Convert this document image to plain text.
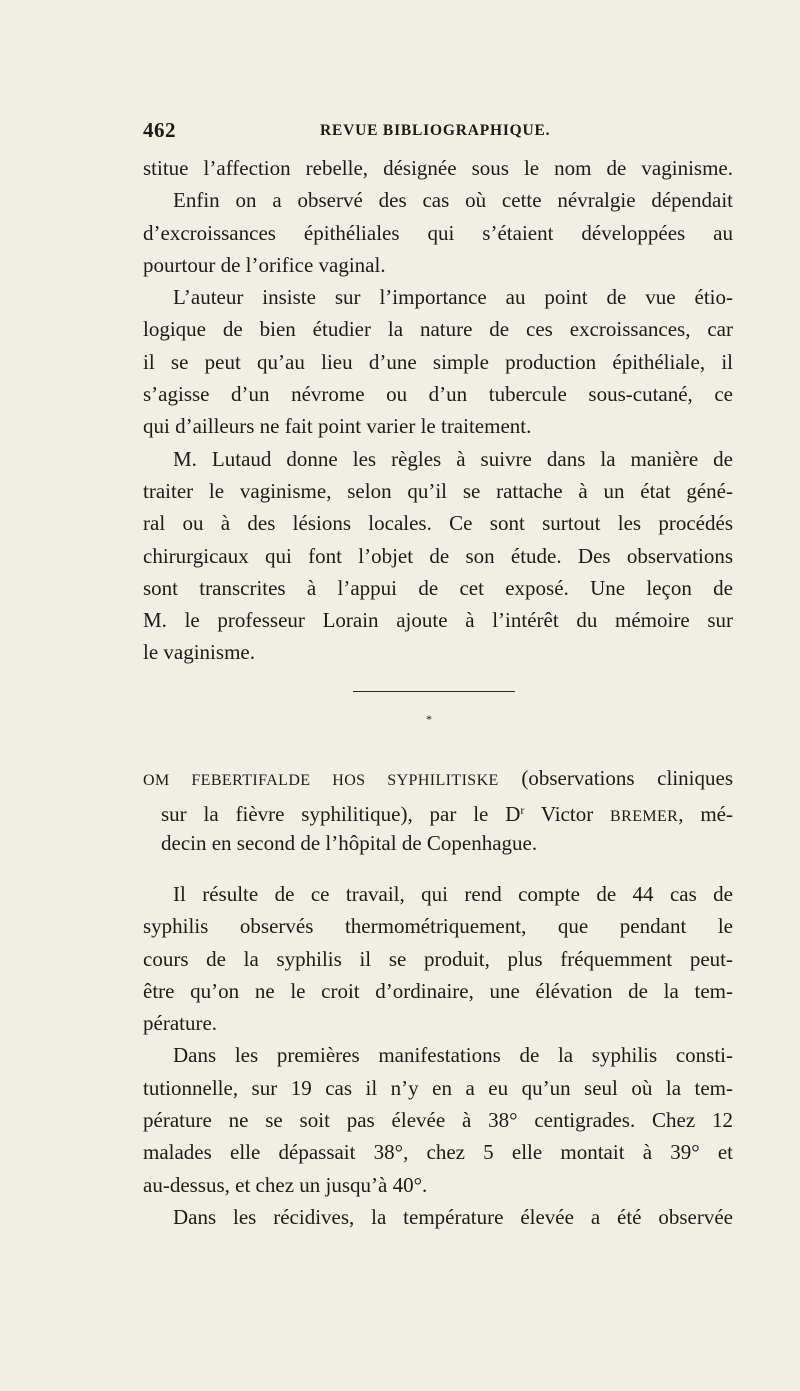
462	REVUE BIBLIOGRAPHIQUE.
stitue l’affection rebelle, désignée sous le nom de vaginisme.
Enfin on a observé des cas où cette névralgie dépendait
d’excroissances épithéliales qui s’étaient développées au
pourtour de l’orifice vaginal.
L’auteur insiste sur l’importance au point de vue étio-
logique de bien étudier la nature de ces excroissances, car
il se peut qu’au lieu d’une simple production épithéliale, il
s’agisse d’un névrome ou d’un tubercule sous-cutané, ce
qui d’ailleurs ne fait point varier le traitement.
M. Lutaud donne les règles à suivre dans la manière de
traiter le vaginisme, selon qu’il se rattache à un état géné-
ral ou à des lésions locales. Ce sont surtout les procédés
chirurgicaux qui font l’objet de son étude. Des observations
sont transcrites à l’appui de cet exposé. Une leçon de
M. le professeur Lorain ajoute à l’intérêt du mémoire sur
le vaginisme.
*
OM FEBERTIFALDE HOS SYPHILITISKE (observations cliniques
sur la fièvre syphilitique), par le $D^r$ Victor BREMER, mé-
decin en second de l’hôpital de Copenhague.
Il résulte de ce travail, qui rend compte de 44 cas de
syphilis observés thermométriquement, que pendant le
cours de la syphilis il se produit, plus fréquemment peut-
être qu’on ne le croit d’ordinaire, une élévation de la tem-
pérature.
Dans les premières manifestations de la syphilis consti-
tutionnelle, sur 19 cas il n’y en a eu qu’un seul où la tem-
pérature ne se soit pas élevée à 38° centigrades. Chez 12
malades elle dépassait 38°, chez 5 elle montait à 39° et
au-dessus, et chez un jusqu’à 40°.
Dans les récidives, la température élevée a été observée
